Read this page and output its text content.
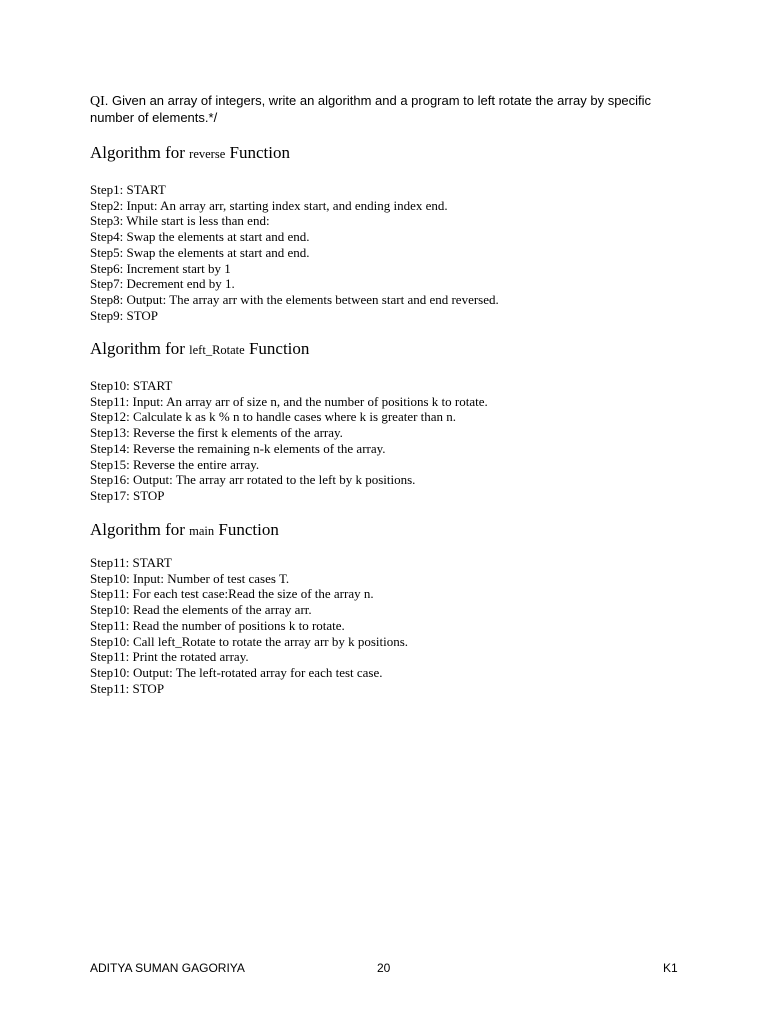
QI. Given an array of integers, write an algorithm and a program to left rotate the array by specific number of elements.*/
Algorithm for reverse Function
Step1: START
Step2: Input: An array arr, starting index start, and ending index end.
Step3: While start is less than end:
Step4: Swap the elements at start and end.
Step5: Swap the elements at start and end.
Step6: Increment start by 1
Step7: Decrement end by 1.
Step8: Output: The array arr with the elements between start and end reversed.
Step9: STOP
Algorithm for left_Rotate Function
Step10: START
Step11: Input: An array arr of size n, and the number of positions k to rotate.
Step12: Calculate k as k % n to handle cases where k is greater than n.
Step13: Reverse the first k elements of the array.
Step14: Reverse the remaining n-k elements of the array.
Step15: Reverse the entire array.
Step16: Output: The array arr rotated to the left by k positions.
Step17: STOP
Algorithm for main Function
Step11: START
Step10: Input: Number of test cases T.
Step11: For each test case:Read the size of the array n.
Step10: Read the elements of the array arr.
Step11: Read the number of positions k to rotate.
Step10: Call left_Rotate to rotate the array arr by k positions.
Step11: Print the rotated array.
Step10: Output: The left-rotated array for each test case.
Step11: STOP
ADITYA SUMAN GAGORIYA	20	K1
